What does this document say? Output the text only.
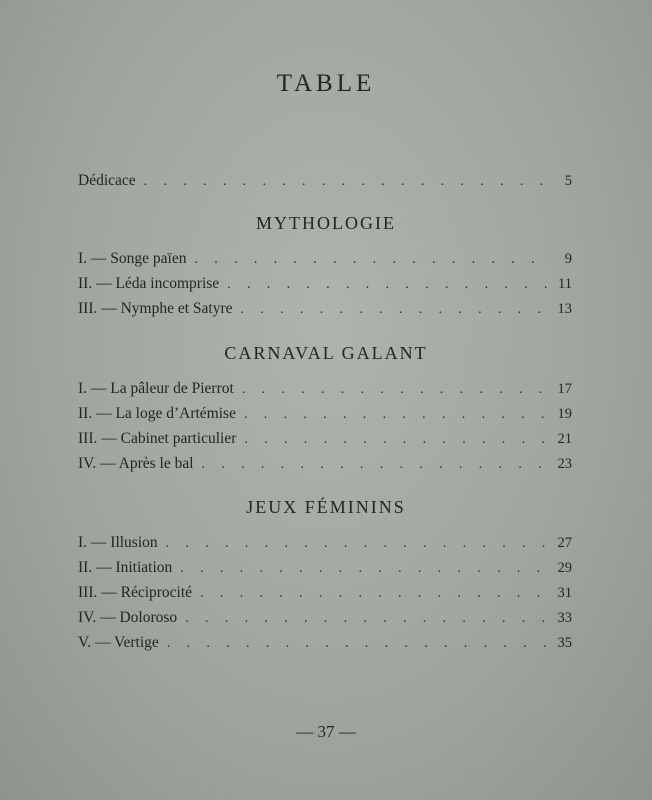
TABLE
Dédicace . . .	5
MYTHOLOGIE
I. — Songe païen . . .	9
II. — Léda incomprise . . .	11
III. — Nymphe et Satyre . . .	13
CARNAVAL GALANT
I. — La pâleur de Pierrot . . .	17
II. — La loge d’Artémise . . .	19
III. — Cabinet particulier . . .	21
IV. — Après le bal . . .	23
JEUX FÉMININS
I. — Illusion . . .	27
II. — Initiation . . .	29
III. — Réciprocité . . .	31
IV. — Doloroso . . .	33
V. — Vertige . . .	35
— 37 —
